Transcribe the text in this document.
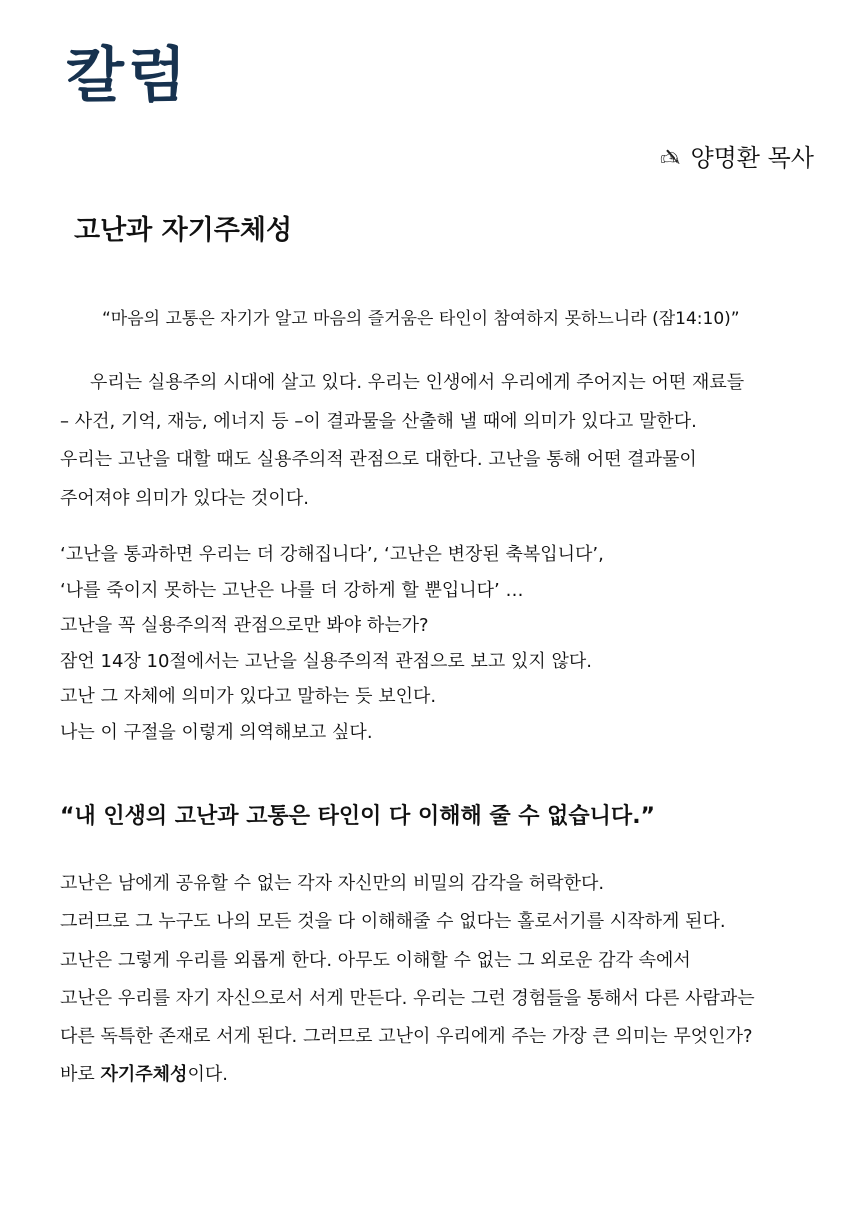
칼럼
✍ 양명환 목사
고난과 자기주체성
“마음의 고통은 자기가 알고 마음의 즐거움은 타인이 참여하지 못하느니라 (잠14:10)”
우리는 실용주의 시대에 살고 있다. 우리는 인생에서 우리에게 주어지는 어떤 재료들
– 사건, 기억, 재능, 에너지 등 –이 결과물을 산출해 낼 때에 의미가 있다고 말한다.
우리는 고난을 대할 때도 실용주의적 관점으로 대한다. 고난을 통해 어떤 결과물이
주어져야 의미가 있다는 것이다.
‘고난을 통과하면 우리는 더 강해집니다’, ‘고난은 변장된 축복입니다’,
‘나를 죽이지 못하는 고난은 나를 더 강하게 할 뿐입니다’ …
고난을 꼭 실용주의적 관점으로만 봐야 하는가?
잠언 14장 10절에서는 고난을 실용주의적 관점으로 보고 있지 않다.
고난 그 자체에 의미가 있다고 말하는 듯 보인다.
나는 이 구절을 이렇게 의역해보고 싶다.
“내 인생의 고난과 고통은 타인이 다 이해해 줄 수 없습니다.”
고난은 남에게 공유할 수 없는 각자 자신만의 비밀의 감각을 허락한다.
그러므로 그 누구도 나의 모든 것을 다 이해해줄 수 없다는 홀로서기를 시작하게 된다.
고난은 그렇게 우리를 외롭게 한다. 아무도 이해할 수 없는 그 외로운 감각 속에서
고난은 우리를 자기 자신으로서 서게 만든다. 우리는 그런 경험들을 통해서 다른 사람과는
다른 독특한 존재로 서게 된다. 그러므로 고난이 우리에게 주는 가장 큰 의미는 무엇인가?
바로 자기주체성이다.
